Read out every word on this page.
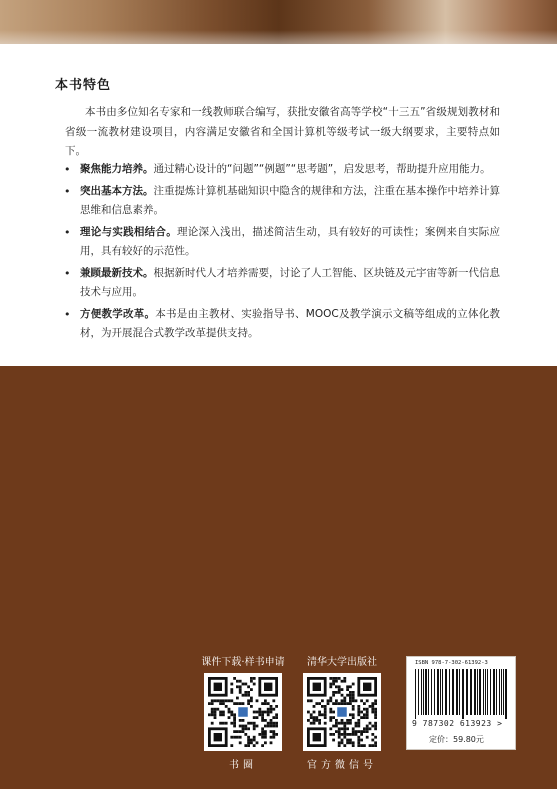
本书特色
本书由多位知名专家和一线教师联合编写，获批安徽省高等学校“十三五”省级规划教材和省级一流教材建设项目，内容满足安徽省和全国计算机等级考试一级大纲要求，主要特点如下。
• 聚焦能力培养。通过精心设计的“问题”“例题”“思考题”，启发思考，帮助提升应用能力。
• 突出基本方法。注重提炼计算机基础知识中隐含的规律和方法，注重在基本操作中培养计算思维和信息素养。
• 理论与实践相结合。理论深入浅出，描述简洁生动，具有较好的可读性；案例来自实际应用，具有较好的示范性。
• 兼顾最新技术。根据新时代人才培养需要，讨论了人工智能、区块链及元宇宙等新一代信息技术与应用。
• 方便教学改革。本书是由主教材、实验指导书、MOOC及教学演示文稿等组成的立体化教材，为开展混合式教学改革提供支持。
课件下载·样书申请
书圈
清华大学出版社
官方微信号
ISBN 978-7-302-61392-3
9 787302 613923 >
定价：59.80元
